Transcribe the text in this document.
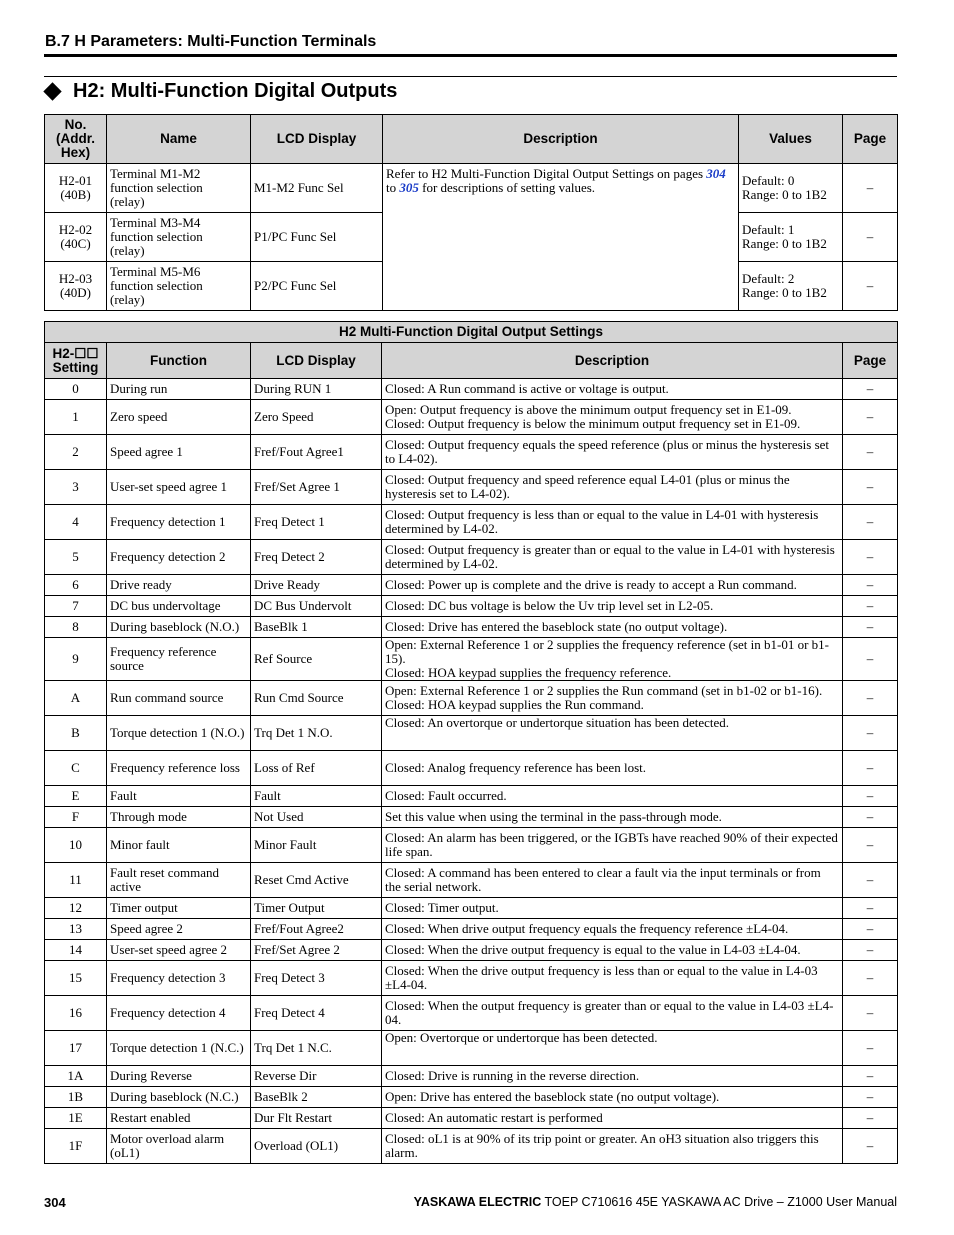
B.7 H Parameters: Multi-Function Terminals
H2: Multi-Function Digital Outputs
No.
(Addr.
Hex)	Name	LCD Display	Description	Values	Page
H2-01
(40B)	Terminal M1-M2
function selection
(relay)	M1-M2 Func Sel	Refer to H2 Multi-Function Digital Output Settings on pages 304 to 305 for descriptions of setting values.	Default: 0
Range: 0 to 1B2	–
H2-02
(40C)	Terminal M3-M4
function selection
(relay)	P1/PC Func Sel		Default: 1
Range: 0 to 1B2	–
H2-03
(40D)	Terminal M5-M6
function selection
(relay)	P2/PC Func Sel		Default: 2
Range: 0 to 1B2	–
H2 Multi-Function Digital Output Settings				
H2-☐☐
Setting	Function	LCD Display	Description	Page
0	During run	During RUN 1	Closed: A Run command is active or voltage is output.	–
1	Zero speed	Zero Speed	Open: Output frequency is above the minimum output frequency set in E1-09.
Closed: Output frequency is below the minimum output frequency set in E1-09.	–
2	Speed agree 1	Fref/Fout Agree1	Closed: Output frequency equals the speed reference (plus or minus the hysteresis set to L4-02).	–
3	User-set speed agree 1	Fref/Set Agree 1	Closed: Output frequency and speed reference equal L4-01 (plus or minus the hysteresis set to L4-02).	–
4	Frequency detection 1	Freq Detect 1	Closed: Output frequency is less than or equal to the value in L4-01 with hysteresis determined by L4-02.	–
5	Frequency detection 2	Freq Detect 2	Closed: Output frequency is greater than or equal to the value in L4-01 with hysteresis determined by L4-02.	–
6	Drive ready	Drive Ready	Closed: Power up is complete and the drive is ready to accept a Run command.	–
7	DC bus undervoltage	DC Bus Undervolt	Closed: DC bus voltage is below the Uv trip level set in L2-05.	–
8	During baseblock (N.O.)	BaseBlk 1	Closed: Drive has entered the baseblock state (no output voltage).	–
9	Frequency reference source	Ref Source	Open: External Reference 1 or 2 supplies the frequency reference (set in b1-01 or b1-15).
Closed: HOA keypad supplies the frequency reference.	–
A	Run command source	Run Cmd Source	Open: External Reference 1 or 2 supplies the Run command (set in b1-02 or b1-16).
Closed: HOA keypad supplies the Run command.	–
B	Torque detection 1 (N.O.)	Trq Det 1 N.O.	Closed: An overtorque or undertorque situation has been detected.	–
C	Frequency reference loss	Loss of Ref	Closed: Analog frequency reference has been lost.	–
E	Fault	Fault	Closed: Fault occurred.	–
F	Through mode	Not Used	Set this value when using the terminal in the pass-through mode.	–
10	Minor fault	Minor Fault	Closed: An alarm has been triggered, or the IGBTs have reached 90% of their expected life span.	–
11	Fault reset command active	Reset Cmd Active	Closed: A command has been entered to clear a fault via the input terminals or from the serial network.	–
12	Timer output	Timer Output	Closed: Timer output.	–
13	Speed agree 2	Fref/Fout Agree2	Closed: When drive output frequency equals the frequency reference ±L4-04.	–
14	User-set speed agree 2	Fref/Set Agree 2	Closed: When the drive output frequency is equal to the value in L4-03 ±L4-04.	–
15	Frequency detection 3	Freq Detect 3	Closed: When the drive output frequency is less than or equal to the value in L4-03 ±L4-04.	–
16	Frequency detection 4	Freq Detect 4	Closed: When the output frequency is greater than or equal to the value in L4-03 ±L4-04.	–
17	Torque detection 1 (N.C.)	Trq Det 1 N.C.	Open: Overtorque or undertorque has been detected.	–
1A	During Reverse	Reverse Dir	Closed: Drive is running in the reverse direction.	–
1B	During baseblock (N.C.)	BaseBlk 2	Open: Drive has entered the baseblock state (no output voltage).	–
1E	Restart enabled	Dur Flt Restart	Closed: An automatic restart is performed	–
1F	Motor overload alarm (oL1)	Overload (OL1)	Closed: oL1 is at 90% of its trip point or greater. An oH3 situation also triggers this alarm.	–
304	YASKAWA ELECTRIC TOEP C710616 45E YASKAWA AC Drive – Z1000 User Manual
